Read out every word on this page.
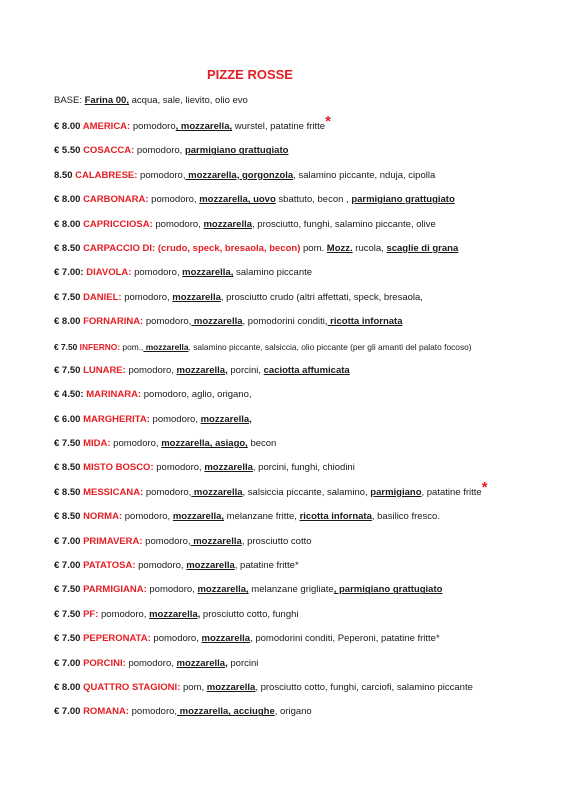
PIZZE ROSSE
BASE: Farina 00, acqua, sale, lievito, olio evo
€ 8.00 AMERICA: pomodoro, mozzarella, wurstel, patatine fritte*
€ 5.50 COSACCA: pomodoro, parmigiano grattugiato
8.50 CALABRESE: pomodoro, mozzarella, gorgonzola, salamino piccante, nduja, cipolla
€ 8.00 CARBONARA: pomodoro, mozzarella, uovo sbattuto, becon , parmigiano grattugiato
€ 8.00 CAPRICCIOSA: pomodoro, mozzarella, prosciutto, funghi, salamino piccante, olive
€ 8.50 CARPACCIO DI: (crudo, speck, bresaola, becon) pom. Mozz. rucola, scaglie di grana
€ 7.00: DIAVOLA: pomodoro, mozzarella, salamino piccante
€ 7.50 DANIEL: pomodoro, mozzarella, prosciutto crudo (altri affettati, speck, bresaola,
€ 8.00 FORNARINA: pomodoro, mozzarella, pomodorini conditi, ricotta infornata
€ 7.50 INFERNO: pom., mozzarella, salamino piccante, salsiccia, olio piccante (per gli amanti del palato focoso)
€ 7.50 LUNARE: pomodoro, mozzarella, porcini, caciotta affumicata
€ 4.50: MARINARA: pomodoro, aglio, origano,
€ 6.00 MARGHERITA: pomodoro, mozzarella,
€ 7.50 MIDA: pomodoro, mozzarella, asiago, becon
€ 8.50 MISTO BOSCO: pomodoro, mozzarella, porcini, funghi, chiodini
€ 8.50 MESSICANA: pomodoro, mozzarella, salsiccia piccante, salamino, parmigiano, patatine fritte*
€ 8.50 NORMA: pomodoro, mozzarella, melanzane fritte, ricotta infornata, basilico fresco.
€ 7.00 PRIMAVERA: pomodoro, mozzarella, prosciutto cotto
€ 7.00 PATATOSA: pomodoro, mozzarella, patatine fritte*
€ 7.50 PARMIGIANA: pomodoro, mozzarella, melanzane grigliate, parmigiano grattugiato
€ 7.50 PF: pomodoro, mozzarella, prosciutto cotto, funghi
€ 7.50 PEPERONATA: pomodoro, mozzarella, pomodorini conditi, Peperoni, patatine fritte*
€ 7.00 PORCINI: pomodoro, mozzarella, porcini
€ 8.00 QUATTRO STAGIONI: pom, mozzarella, prosciutto cotto, funghi, carciofi, salamino piccante
€ 7.00 ROMANA: pomodoro, mozzarella, acciughe, origano
